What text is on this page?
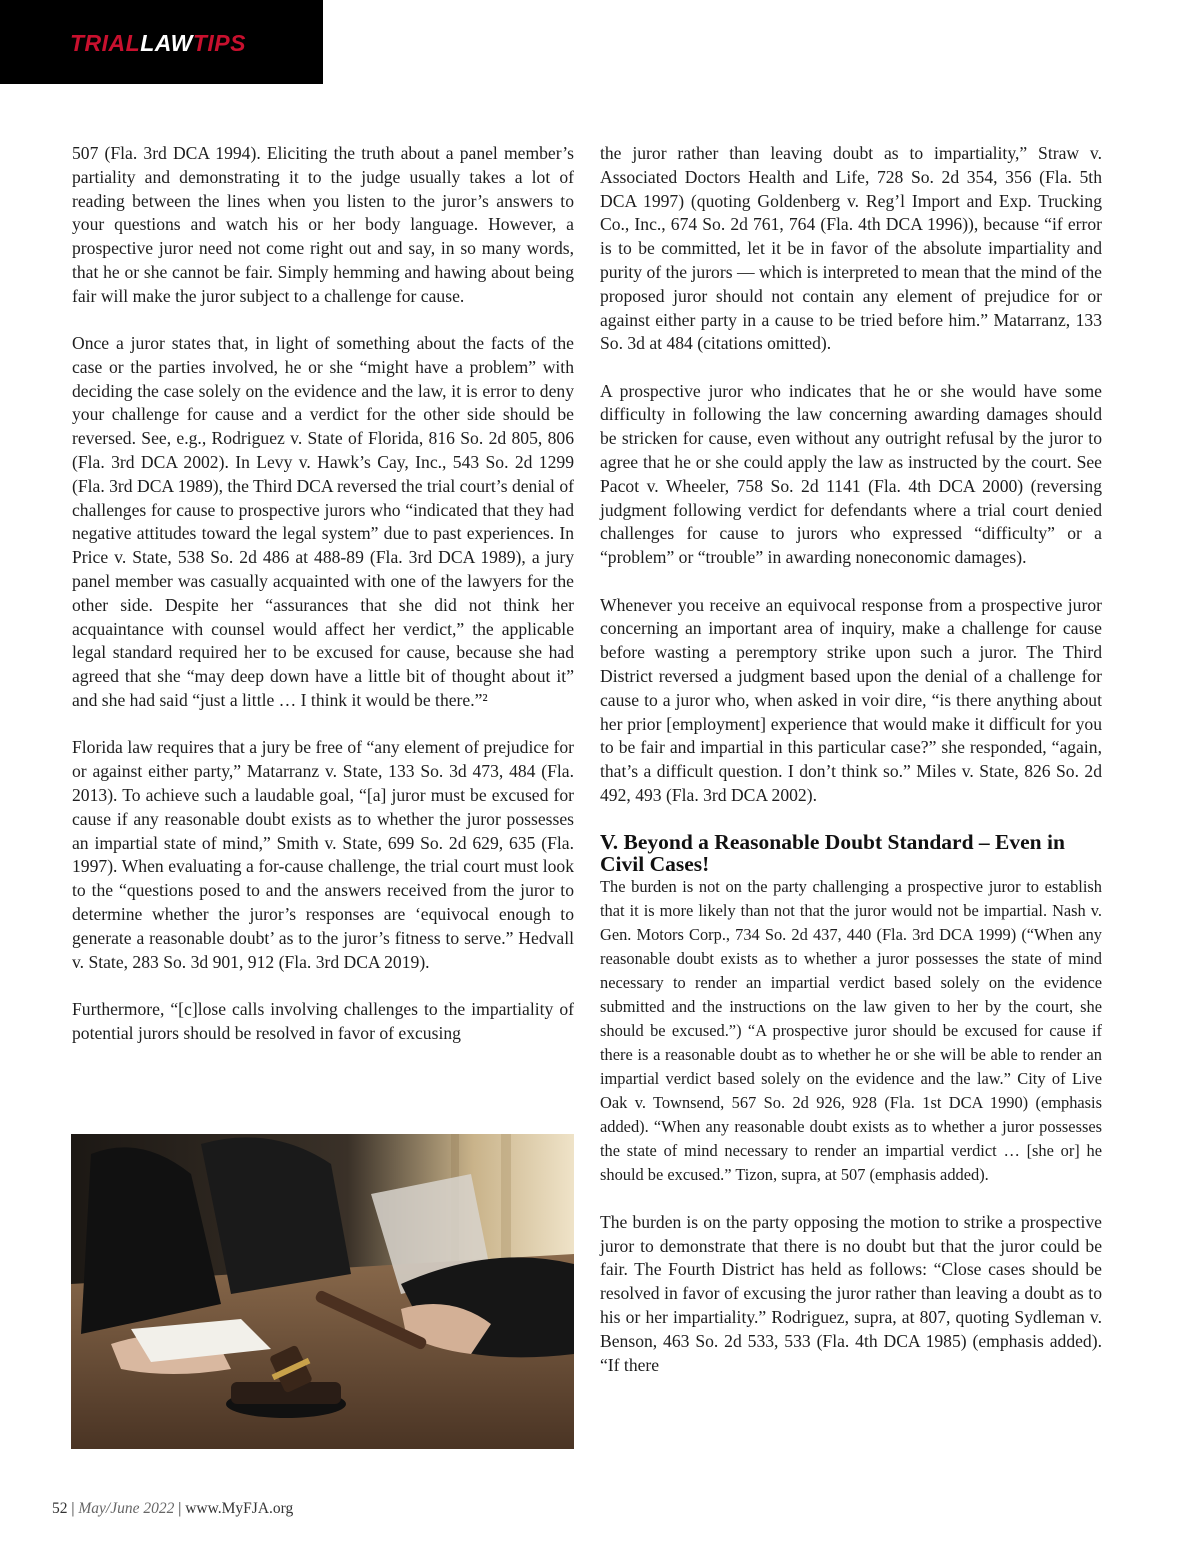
TRIALLAWTIPS

507 (Fla. 3rd DCA 1994). Eliciting the truth about a panel member’s partiality and demonstrating it to the judge usually takes a lot of reading between the lines when you listen to the juror’s answers to your questions and watch his or her body language. However, a prospective juror need not come right out and say, in so many words, that he or she cannot be fair. Simply hemming and hawing about being fair will make the juror subject to a challenge for cause.

Once a juror states that, in light of something about the facts of the case or the parties involved, he or she “might have a problem” with deciding the case solely on the evidence and the law, it is error to deny your challenge for cause and a verdict for the other side should be reversed. See, e.g., Rodriguez v. State of Florida, 816 So. 2d 805, 806 (Fla. 3rd DCA 2002). In Levy v. Hawk’s Cay, Inc., 543 So. 2d 1299 (Fla. 3rd DCA 1989), the Third DCA reversed the trial court’s denial of challenges for cause to prospective jurors who “indicated that they had negative attitudes toward the legal system” due to past experiences. In Price v. State, 538 So. 2d 486 at 488-89 (Fla. 3rd DCA 1989), a jury panel member was casually acquainted with one of the lawyers for the other side. Despite her “assurances that she did not think her acquaintance with counsel would affect her verdict,” the applicable legal standard required her to be excused for cause, because she had agreed that she “may deep down have a little bit of thought about it” and she had said “just a little … I think it would be there.”²

Florida law requires that a jury be free of “any element of prejudice for or against either party,” Matarranz v. State, 133 So. 3d 473, 484 (Fla. 2013). To achieve such a laudable goal, “[a] juror must be excused for cause if any reasonable doubt exists as to whether the juror possesses an impartial state of mind,” Smith v. State, 699 So. 2d 629, 635 (Fla. 1997). When evaluating a for-cause challenge, the trial court must look to the “questions posed to and the answers received from the juror to determine whether the juror’s responses are ‘equivocal enough to generate a reasonable doubt’ as to the juror’s fitness to serve.” Hedvall v. State, 283 So. 3d 901, 912 (Fla. 3rd DCA 2019).

Furthermore, “[c]lose calls involving challenges to the impartiality of potential jurors should be resolved in favor of excusing

the juror rather than leaving doubt as to impartiality,” Straw v. Associated Doctors Health and Life, 728 So. 2d 354, 356 (Fla. 5th DCA 1997) (quoting Goldenberg v. Reg’l Import and Exp. Trucking Co., Inc., 674 So. 2d 761, 764 (Fla. 4th DCA 1996)), because “if error is to be committed, let it be in favor of the absolute impartiality and purity of the jurors — which is interpreted to mean that the mind of the proposed juror should not contain any element of prejudice for or against either party in a cause to be tried before him.” Matarranz, 133 So. 3d at 484 (citations omitted).

A prospective juror who indicates that he or she would have some difficulty in following the law concerning awarding damages should be stricken for cause, even without any outright refusal by the juror to agree that he or she could apply the law as instructed by the court. See Pacot v. Wheeler, 758 So. 2d 1141 (Fla. 4th DCA 2000) (reversing judgment following verdict for defendants where a trial court denied challenges for cause to jurors who expressed “difficulty” or a “problem” or “trouble” in awarding noneconomic damages).

Whenever you receive an equivocal response from a prospective juror concerning an important area of inquiry, make a challenge for cause before wasting a peremptory strike upon such a juror. The Third District reversed a judgment based upon the denial of a challenge for cause to a juror who, when asked in voir dire, “is there anything about her prior [employment] experience that would make it difficult for you to be fair and impartial in this particular case?” she responded, “again, that’s a difficult question. I don’t think so.” Miles v. State, 826 So. 2d 492, 493 (Fla. 3rd DCA 2002).

V. Beyond a Reasonable Doubt Standard – Even in Civil Cases!

The burden is not on the party challenging a prospective juror to establish that it is more likely than not that the juror would not be impartial. Nash v. Gen. Motors Corp., 734 So. 2d 437, 440 (Fla. 3rd DCA 1999) (“When any reasonable doubt exists as to whether a juror possesses the state of mind necessary to render an impartial verdict based solely on the evidence submitted and the instructions on the law given to her by the court, she should be excused.”) “A prospective juror should be excused for cause if there is a reasonable doubt as to whether he or she will be able to render an impartial verdict based solely on the evidence and the law.” City of Live Oak v. Townsend, 567 So. 2d 926, 928 (Fla. 1st DCA 1990) (emphasis added). “When any reasonable doubt exists as to whether a juror possesses the state of mind necessary to render an impartial verdict … [she or] he should be excused.” Tizon, supra, at 507 (emphasis added).

The burden is on the party opposing the motion to strike a prospective juror to demonstrate that there is no doubt but that the juror could be fair. The Fourth District has held as follows: “Close cases should be resolved in favor of excusing the juror rather than leaving a doubt as to his or her impartiality.” Rodriguez, supra, at 807, quoting Sydleman v. Benson, 463 So. 2d 533, 533 (Fla. 4th DCA 1985) (emphasis added). “If there

52 | May/June 2022 | www.MyFJA.org
